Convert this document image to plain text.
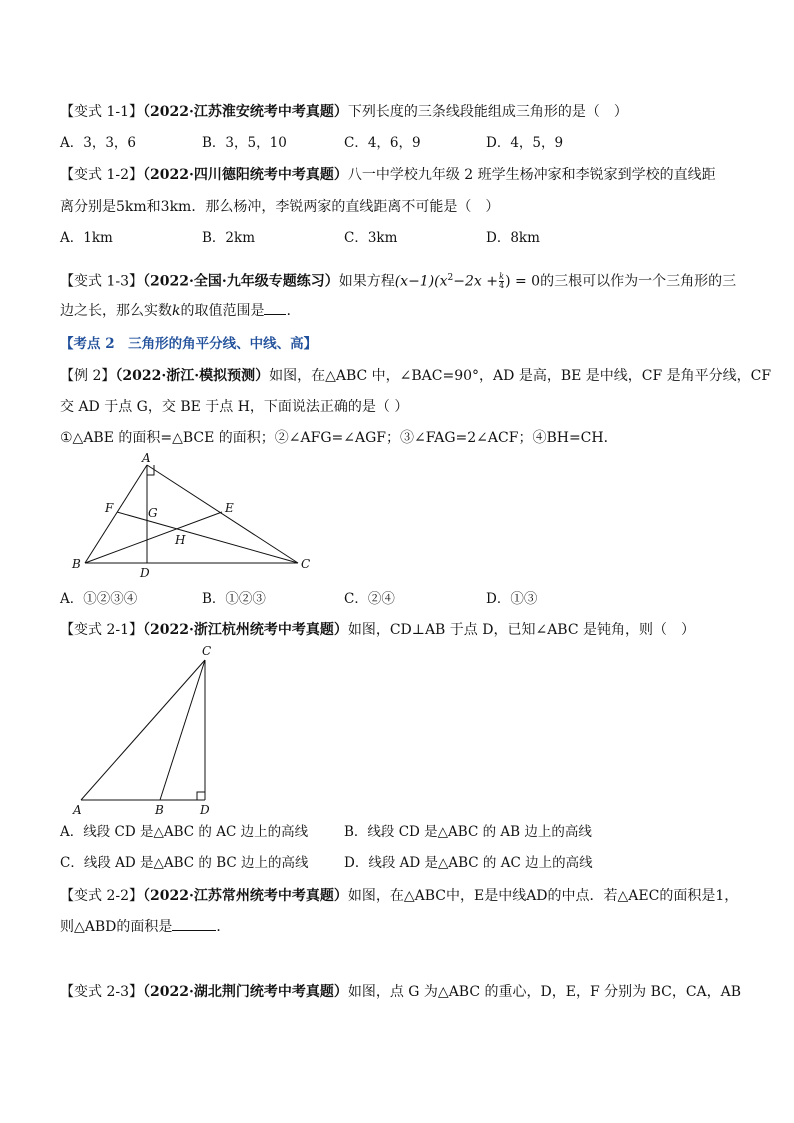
【变式 1-1】（2022·江苏淮安统考中考真题）下列长度的三条线段能组成三角形的是（　）
A．3，3，6	B．3，5，10	C．4，6，9	D．4，5，9
【变式 1-2】（2022·四川德阳统考中考真题）八一中学校九年级 2 班学生杨冲家和李锐家到学校的直线距
离分别是5km和3km．那么杨冲，李锐两家的直线距离不可能是（　）
A．1km	B．2km	C．3km	D．8km
【变式 1-3】（2022·全国·九年级专题练习）如果方程$(x-1)(x^2-2x + \frac{k}{4}$ ) = 0的三根可以作为一个三角形的三
边之长，那么实数k的取值范围是 .
【考点 2　三角形的角平分线、中线、高】
【例 2】（2022·浙江·模拟预测）如图，在△ABC 中，∠BAC=90°，AD 是高，BE 是中线，CF 是角平分线，CF
交 AD 于点 G，交 BE 于点 H，下面说法正确的是（ ）
①△ABE 的面积=△BCE 的面积；②∠AFG=∠AGF；③∠FAG=2∠ACF；④BH=CH．
A
B	C
D
E
F	G
H
A．①②③④	B．①②③	C．②④	D．①③
【变式 2-1】（2022·浙江杭州统考中考真题）如图，CD⊥AB 于点 D，已知∠ABC 是钝角，则（　）
A	B
C
D
A．线段 CD 是△ABC 的 AC 边上的高线	B．线段 CD 是△ABC 的 AB 边上的高线
C．线段 AD 是△ABC 的 BC 边上的高线	D．线段 AD 是△ABC 的 AC 边上的高线
【变式 2-2】（2022·江苏常州统考中考真题）如图，在△ABC中，E是中线AD的中点．若△AEC的面积是1，
则△ABD的面积是	．
【变式 2-3】（2022·湖北荆门统考中考真题）如图，点 G 为△ABC 的重心，D，E，F 分别为 BC，CA，AB
